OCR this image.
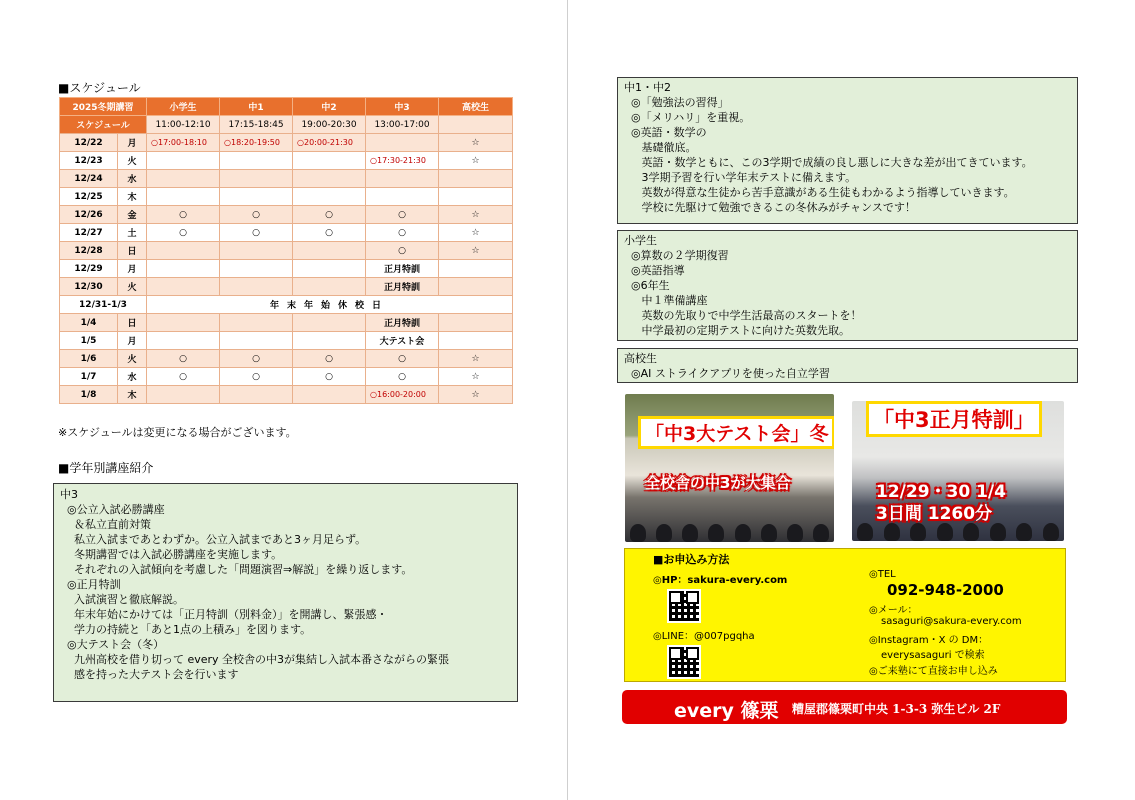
■スケジュール
2025冬期講習		小学生	中1	中2	中3	高校生
スケジュール		11:00-12:10	17:15-18:45	19:00-20:30	13:00-17:00	
12/22	月	○17:00-18:10	○18:20-19:50	○20:00-21:30		☆
12/23	火				○17:30-21:30	☆
12/24	水					
12/25	木					
12/26	金	○	○	○	○	☆
12/27	土	○	○	○	○	☆
12/28	日				○	☆
12/29	月				正月特訓	
12/30	火				正月特訓	
12/31-1/3		年末年始休校日				
1/4	日				正月特訓	
1/5	月				大テスト会	
1/6	火	○	○	○	○	☆
1/7	水	○	○	○	○	☆
1/8	木				○16:00-20:00	☆
※スケジュールは変更になる場合がございます。
■学年別講座紹介
中3
◎公立入試必勝講座
＆私立直前対策
私立入試まであとわずか。公立入試まであと3ヶ月足らず。
冬期講習では入試必勝講座を実施します。
それぞれの入試傾向を考慮した「問題演習⇒解説」を繰り返します。
◎正月特訓
入試演習と徹底解説。
年末年始にかけては「正月特訓（別料金）」を開講し、緊張感・
学力の持続と「あと1点の上積み」を図ります。
◎大テスト会（冬）
九州高校を借り切って every 全校舎の中3が集結し入試本番さながらの緊張
感を持った大テスト会を行います
中1・中2
◎「勉強法の習得」
◎「メリハリ」を重視。
◎英語・数学の
基礎徹底。
英語・数学ともに、この3学期で成績の良し悪しに大きな差が出てきています。
3学期予習を行い学年末テストに備えます。
英数が得意な生徒から苦手意識がある生徒もわかるよう指導していきます。
学校に先駆けて勉強できるこの冬休みがチャンスです！
小学生
◎算数の２学期復習
◎英語指導
◎6年生
中１準備講座
英数の先取りで中学生活最高のスタートを！
中学最初の定期テストに向けた英数先取。
高校生
◎AI ストライクアプリを使った自立学習
「中3大テスト会」冬
全校舎の中3が大集合
「中3正月特訓」
12/29・30 1/4
3日間 1260分
■お申込み方法
◎HP：sakura-every.com
◎LINE：@007pgqha
◎TEL
092-948-2000
◎メール：
sasaguri@sakura-every.com
◎Instagram・X の DM：
everysasaguri で検索
◎ご来塾にて直接お申し込み
every 篠栗 糟屋郡篠栗町中央 1-3-3 弥生ビル 2F
